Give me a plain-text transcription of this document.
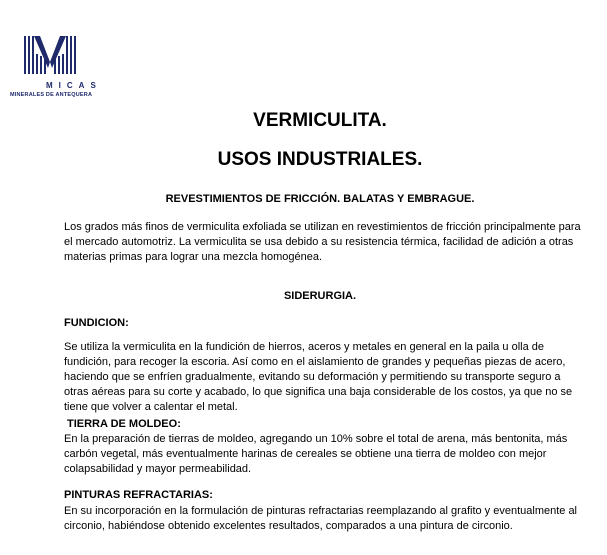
MICAS
MINERALES DE ANTEQUERA
VERMICULITA.
USOS INDUSTRIALES.
REVESTIMIENTOS DE FRICCIÓN. BALATAS Y EMBRAGUE.
Los grados más finos de vermiculita exfoliada se utilizan en revestimientos de fricción principalmente para el mercado automotriz. La vermiculita se usa debido a su resistencia térmica, facilidad de adición a otras materias primas para lograr una mezcla homogénea.
SIDERURGIA.
FUNDICION:
Se utiliza la vermiculita en la fundición de hierros, aceros y metales en general en la paila u olla de fundición, para recoger la escoria. Así como en el aislamiento de grandes y pequeñas piezas de acero, haciendo que se enfríen gradualmente, evitando su deformación y permitiendo su transporte seguro a otras aéreas para su corte y acabado, lo que significa una baja considerable de los costos, ya que no se tiene que volver a calentar el metal.
TIERRA DE MOLDEO:
En la preparación de tierras de moldeo, agregando un 10% sobre el total de arena, más bentonita, más carbón vegetal, más eventualmente harinas de cereales se obtiene una tierra de moldeo con mejor colapsabilidad y mayor permeabilidad.
PINTURAS REFRACTARIAS:
En su incorporación en la formulación de pinturas refractarias reemplazando al grafito y eventualmente al circonio, habiéndose obtenido excelentes resultados, comparados a una pintura de circonio.
